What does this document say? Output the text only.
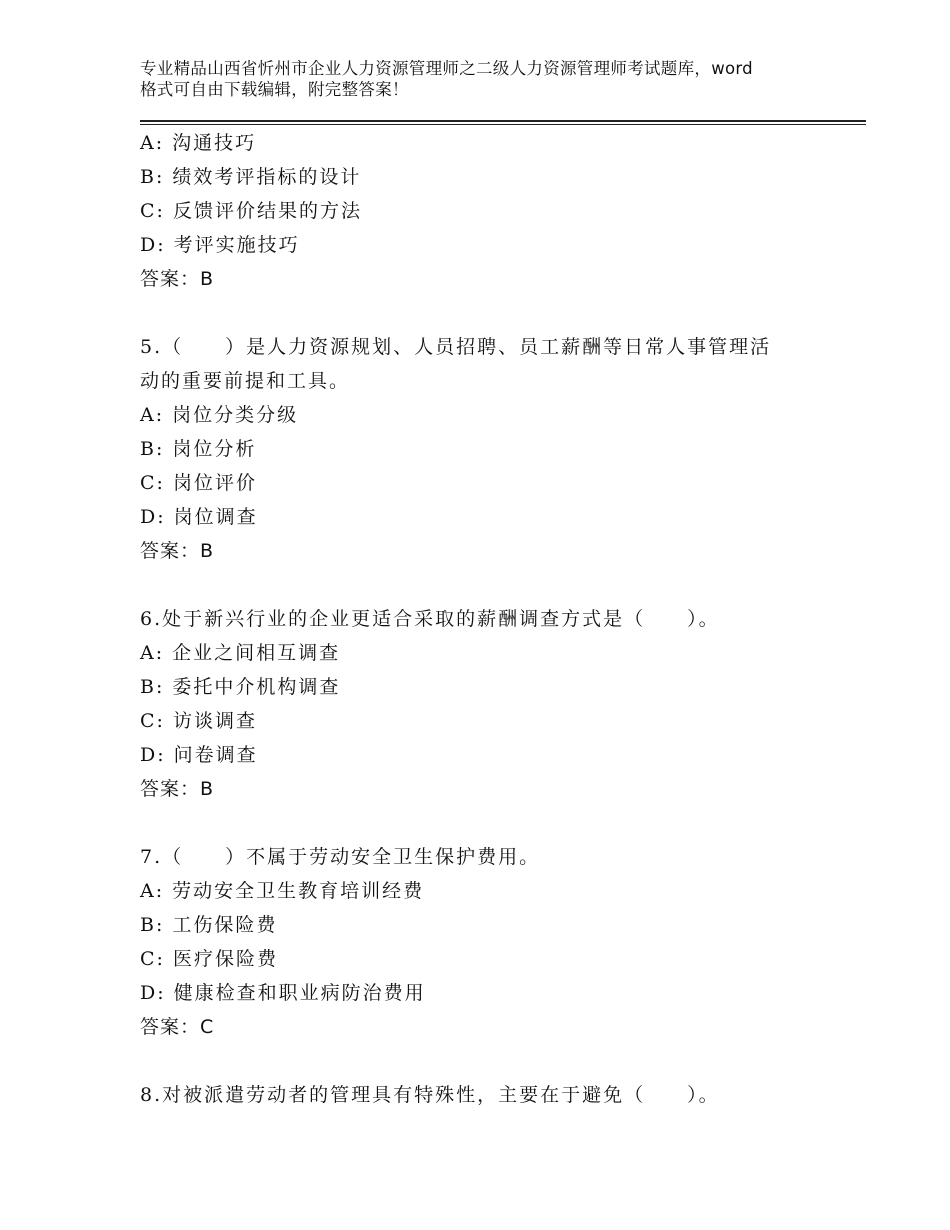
专业精品山西省忻州市企业人力资源管理师之二级人力资源管理师考试题库，word
格式可自由下载编辑，附完整答案！
A: 沟通技巧
B: 绩效考评指标的设计
C: 反馈评价结果的方法
D: 考评实施技巧
答案：B
5.（　　）是人力资源规划、人员招聘、员工薪酬等日常人事管理活
动的重要前提和工具。
A: 岗位分类分级
B: 岗位分析
C: 岗位评价
D: 岗位调查
答案：B
6.处于新兴行业的企业更适合采取的薪酬调查方式是（　　）。
A: 企业之间相互调查
B: 委托中介机构调查
C: 访谈调查
D: 问卷调查
答案：B
7.（　　）不属于劳动安全卫生保护费用。
A: 劳动安全卫生教育培训经费
B: 工伤保险费
C: 医疗保险费
D: 健康检查和职业病防治费用
答案：C
8.对被派遣劳动者的管理具有特殊性，主要在于避免（　　）。
